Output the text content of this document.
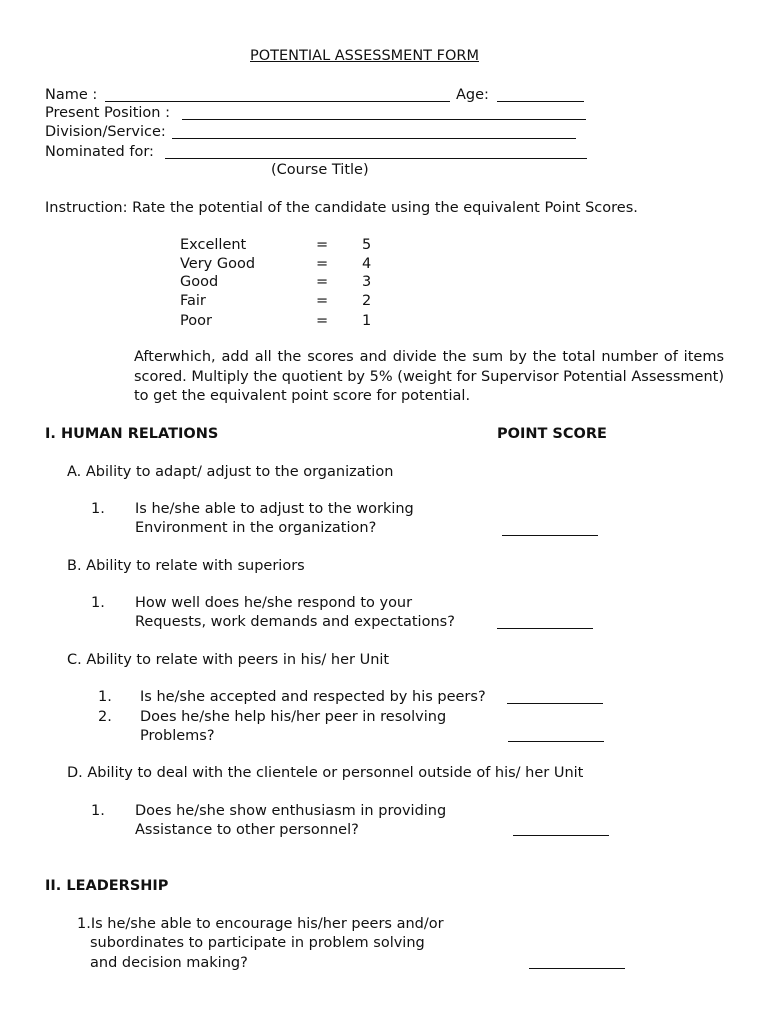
POTENTIAL ASSESSMENT FORM
Name :	Age:
Present Position :
Division/Service:
Nominated for:
(Course Title)
Instruction: Rate the potential of the candidate using the equivalent Point Scores.
Excellent	= 5
Very Good	= 4
Good	= 3
Fair	= 2
Poor	= 1
Afterwhich, add all the scores and divide the sum by the total number of items scored. Multiply the quotient by 5% (weight for Supervisor Potential Assessment) to get the equivalent point score for potential.
I. HUMAN RELATIONS	POINT SCORE
A. Ability to adapt/ adjust to the organization
1. Is he/she able to adjust to the working
Environment in the organization?
B. Ability to relate with superiors
1. How well does he/she respond to your
Requests, work demands and expectations?
C. Ability to relate with peers in his/ her Unit
1. Is he/she accepted and respected by his peers?
2. Does he/she help his/her peer in resolving
Problems?
D. Ability to deal with the clientele or personnel outside of his/ her Unit
1. Does he/she show enthusiasm in providing
Assistance to other personnel?
II. LEADERSHIP
1.Is he/she able to encourage his/her peers and/or
subordinates to participate in problem solving
and decision making?
